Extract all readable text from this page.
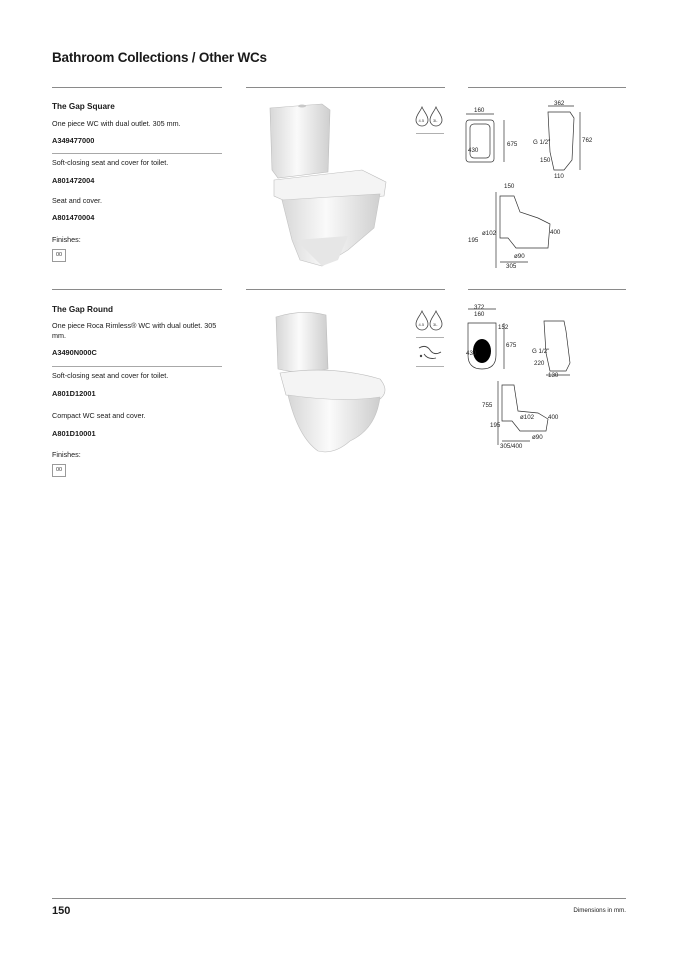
Bathroom Collections / Other WCs
The Gap Square
One piece WC with dual outlet. 305 mm.
A349477000
Soft-closing seat and cover for toilet.
A801472004
Seat and cover.
A801470004
Finishes:
00
4.5 3L
160
675
430
362
G 1/2"	762
150
110
150
ø102
195
400
ø90
305
The Gap Round
One piece Roca Rimless® WC with dual outlet. 305 mm.
A3490N000C
Soft-closing seat and cover for toilet.
A801D12001
Compact WC seat and cover.
A801D10001
Finishes:
00
4.5 3L
372
160
152
675
430	G 1/2"
220
130
755
195
ø102 400
ø90
305/400
150	Dimensions in mm.
